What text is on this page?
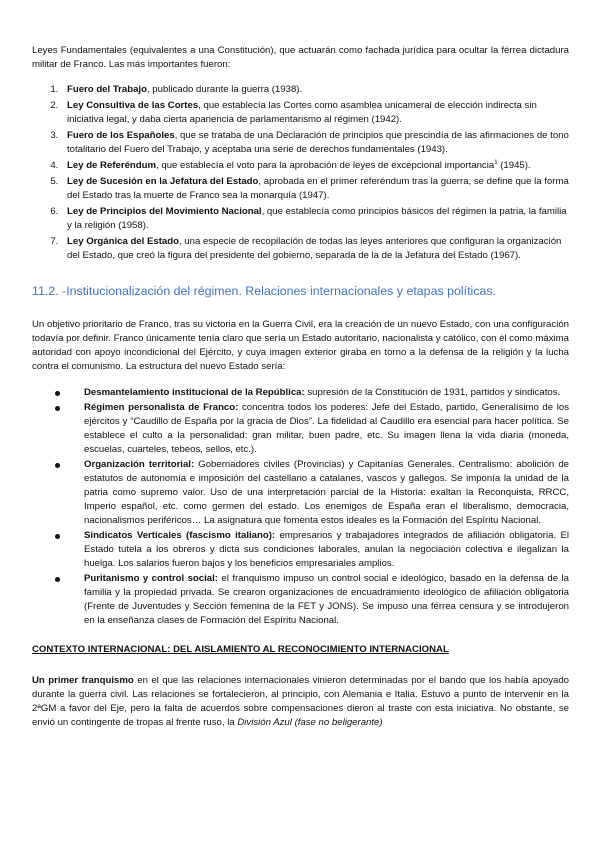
Leyes Fundamentales (equivalentes a una Constitución), que actuarán como fachada jurídica para ocultar la férrea dictadura militar de Franco. Las más importantes fueron:

1. Fuero del Trabajo, publicado durante la guerra (1938).
2. Ley Consultiva de las Cortes, que establecía las Cortes como asamblea unicameral de elección indirecta sin iniciativa legal, y daba cierta apariencia de parlamentarismo al régimen (1942).
3. Fuero de los Españoles, que se trataba de una Declaración de principios que prescindía de las afirmaciones de tono totalitario del Fuero del Trabajo, y aceptaba una serie de derechos fundamentales (1943).
4. Ley de Referéndum, que establecía el voto para la aprobación de leyes de excepcional importancia$^1$ (1945).
5. Ley de Sucesión en la Jefatura del Estado, aprobada en el primer referéndum tras la guerra, se define que la forma del Estado tras la muerte de Franco sea la monarquía (1947).
6. Ley de Principios del Movimiento Nacional, que establecía como principios básicos del régimen la patria, la familia y la religión (1958).
7. Ley Orgánica del Estado, una especie de recopilación de todas las leyes anteriores que configuran la organización del Estado, que creó la figura del presidente del gobierno, separada de la de la Jefatura del Estado (1967).
11.2. -Institucionalización del régimen. Relaciones internacionales y etapas políticas.

Un objetivo prioritario de Franco, tras su victoria en la Guerra Civil, era la creación de un nuevo Estado, con una configuración todavía por definir. Franco únicamente tenía claro que sería un Estado autoritario, nacionalista y católico, con él como máxima autoridad con apoyo incondicional del Ejército, y cuya imagen exterior giraba en torno a la defensa de la religión y la lucha contra el comunismo. La estructura del nuevo Estado sería:

Desmantelamiento institucional de la República: supresión de la Constitución de 1931, partidos y sindicatos.
Régimen personalista de Franco: concentra todos los poderes: Jefe del Estado, partido, Generalísimo de los ejércitos y “Caudillo de España por la gracia de Dios”. La fidelidad al Caudillo era esencial para hacer política. Se establece el culto a la personalidad: gran militar, buen padre, etc. Su imagen llena la vida diaria (moneda, escuelas, cuarteles, tebeos, sellos, etc.).
Organización territorial: Gobernadores civiles (Provincias) y Capitanías Generales. Centralismo: abolición de estatutos de autonomía e imposición del castellano a catalanes, vascos y gallegos. Se imponía la unidad de la patria como supremo valor. Uso de una interpretación parcial de la Historia: exaltan la Reconquista, RRCC, Imperio español, etc. como germen del estado. Los enemigos de España eran el liberalismo, democracia, nacionalismos periféricos… La asignatura que fomenta estos ideales es la Formación del Espíritu Nacional.
Sindicatos Verticales (fascismo italiano): empresarios y trabajadores integrados de afiliación obligatoria. El Estado tutela a los obreros y dicta sus condiciones laborales, anulan la negociación colectiva e ilegalizan la huelga. Los salarios fueron bajos y los beneficios empresariales amplios.
Puritanismo y control social: el franquismo impuso un control social e ideológico, basado en la defensa de la familia y la propiedad privada. Se crearon organizaciones de encuadramiento ideológico de afiliación obligatoria (Frente de Juventudes y Sección femenina de la FET y JONS). Se impuso una férrea censura y se introdujeron en la enseñanza clases de Formación del Espíritu Nacional.
CONTEXTO INTERNACIONAL: DEL AISLAMIENTO AL RECONOCIMIENTO INTERNACIONAL

Un primer franquismo en el que las relaciones internacionales vinieron determinadas por el bando que los había apoyado durante la guerra civil. Las relaciones se fortalecieron, al principio, con Alemania e Italia. Estuvo a punto de intervenir en la 2ªGM a favor del Eje, pero la falta de acuerdos sobre compensaciones dieron al traste con esta iniciativa. No obstante, se envió un contingente de tropas al frente ruso, la División Azul (fase no beligerante)
